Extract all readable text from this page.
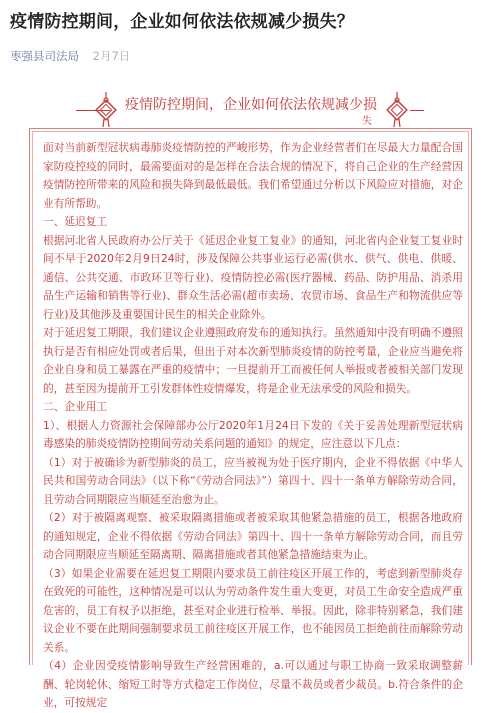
疫情防控期间，企业如何依法依规减少损失？
枣强县司法局 2月7日
疫情防控期间，企业如何依法依规减少损
失

面对当前新型冠状病毒肺炎疫情防控的严峻形势，作为企业经营者们在尽最大力量配合国家防疫控疫的同时，最需要面对的是怎样在合法合规的情况下，将自己企业的生产经营因疫情防控所带来的风险和损失降到最低最低。我们希望通过分析以下风险应对措施，对企业有所帮助。

一、延迟复工

根据河北省人民政府办公厅关于《延迟企业复工复业》的通知，河北省内企业复工复业时间不早于2020年2月9日24时，涉及保障公共事业运行必需(供水、供气、供电、供暖、通信、公共交通、市政环卫等行业)、疫情防控必需(医疗器械、药品、防护用品、消杀用品生产运输和销售等行业)、群众生活必需(超市卖场、农贸市场、食品生产和物流供应等行业)及其他涉及重要国计民生的相关企业除外。

对于延迟复工期限，我们建议企业遵照政府发布的通知执行。虽然通知中没有明确不遵照执行是否有相应处罚或者后果，但出于对本次新型肺炎疫情的防控考量，企业应当避免将企业自身和员工暴露在严重的疫情中；一旦提前开工而被任何人举报或者被相关部门发现的，甚至因为提前开工引发群体性疫情爆发，将是企业无法承受的风险和损失。

二、企业用工

1）、根据人力资源社会保障部办公厅2020年1月24日下发的《关于妥善处理新型冠状病毒感染的肺炎疫情防控期间劳动关系问题的通知》的规定，应注意以下几点：

（1）对于被确诊为新型肺炎的员工，应当被视为处于医疗期内，企业不得依据《中华人民共和国劳动合同法》（以下称“《劳动合同法》”）第四十、四十一条单方解除劳动合同，且劳动合同期限应当顺延至治愈为止。

（2）对于被隔离观察、被采取隔离措施或者被采取其他紧急措施的员工，根据各地政府的通知规定，企业不得依据《劳动合同法》第四十、四十一条单方解除劳动合同，而且劳动合同期限应当顺延至隔离期、隔离措施或者其他紧急措施结束为止。

（3）如果企业需要在延迟复工期限内要求员工前往疫区开展工作的，考虑到新型肺炎存在致死的可能性，这种情况是可以认为劳动条件发生重大变更，对员工生命安全造成严重危害的，员工有权予以拒绝，甚至对企业进行检举、举报。因此，除非特别紧急，我们建议企业不要在此期间强制要求员工前往疫区开展工作，也不能因员工拒绝前往而解除劳动关系。

（4）企业因受疫情影响导致生产经营困难的，a.可以通过与职工协商一致采取调整薪酬、轮岗轮休、缩短工时等方式稳定工作岗位，尽量不裁员或者少裁员。b.符合条件的企业，可按规定
